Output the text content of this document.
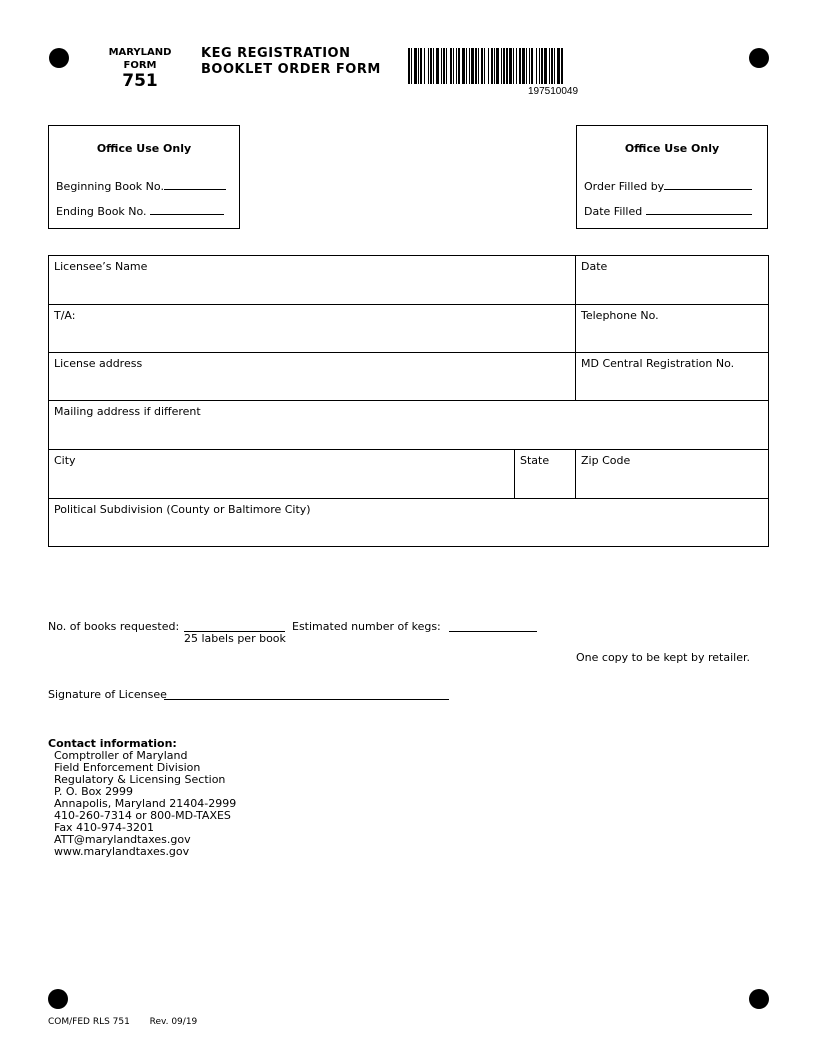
MARYLAND
FORM
751
KEG REGISTRATION
BOOKLET ORDER FORM
197510049
Office Use Only
Beginning Book No.
Ending Book No.
Office Use Only
Order Filled by
Date Filled
Licensee’s Name	Date
T/A:	Telephone No.
License address	MD Central Registration No.
Mailing address if different
City	State	Zip Code
Political Subdivision (County or Baltimore City)
No. of books requested:
25 labels per book
Estimated number of kegs:
One copy to be kept by retailer.
Signature of Licensee
Contact information:
Comptroller of Maryland
Field Enforcement Division
Regulatory & Licensing Section
P. O. Box 2999
Annapolis, Maryland 21404-2999
410-260-7314 or 800-MD-TAXES
Fax 410-974-3201
ATT@marylandtaxes.gov
www.marylandtaxes.gov
COM/FED RLS 751 Rev. 09/19
